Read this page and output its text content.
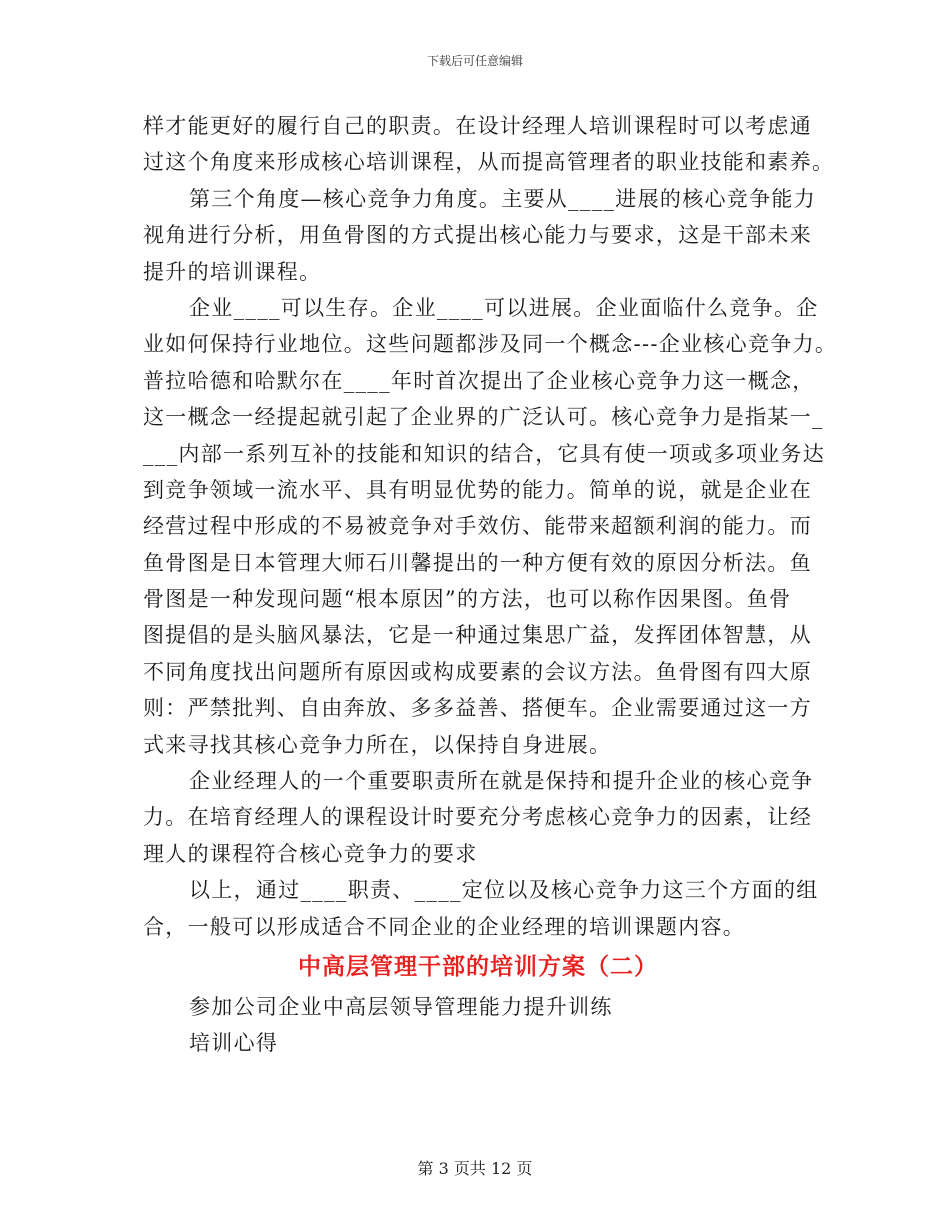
下载后可任意编辑
样才能更好的履行自己的职责。在设计经理人培训课程时可以考虑通
过这个角度来形成核心培训课程，从而提高管理者的职业技能和素养。
第三个角度—核心竞争力角度。主要从____进展的核心竞争能力
视角进行分析，用鱼骨图的方式提出核心能力与要求，这是干部未来
提升的培训课程。
企业____可以生存。企业____可以进展。企业面临什么竞争。企
业如何保持行业地位。这些问题都涉及同一个概念---企业核心竞争力。
普拉哈德和哈默尔在____年时首次提出了企业核心竞争力这一概念，
这一概念一经提起就引起了企业界的广泛认可。核心竞争力是指某一_
___内部一系列互补的技能和知识的结合，它具有使一项或多项业务达
到竞争领域一流水平、具有明显优势的能力。简单的说，就是企业在
经营过程中形成的不易被竞争对手效仿、能带来超额利润的能力。而
鱼骨图是日本管理大师石川馨提出的一种方便有效的原因分析法。鱼
骨图是一种发现问题“根本原因”的方法，也可以称作因果图。鱼骨
图提倡的是头脑风暴法，它是一种通过集思广益，发挥团体智慧，从
不同角度找出问题所有原因或构成要素的会议方法。鱼骨图有四大原
则：严禁批判、自由奔放、多多益善、搭便车。企业需要通过这一方
式来寻找其核心竞争力所在，以保持自身进展。
企业经理人的一个重要职责所在就是保持和提升企业的核心竞争
力。在培育经理人的课程设计时要充分考虑核心竞争力的因素，让经
理人的课程符合核心竞争力的要求
以上，通过____职责、____定位以及核心竞争力这三个方面的组
合，一般可以形成适合不同企业的企业经理的培训课题内容。
中高层管理干部的培训方案（二）
参加公司企业中高层领导管理能力提升训练
培训心得
第 3 页共 12 页
